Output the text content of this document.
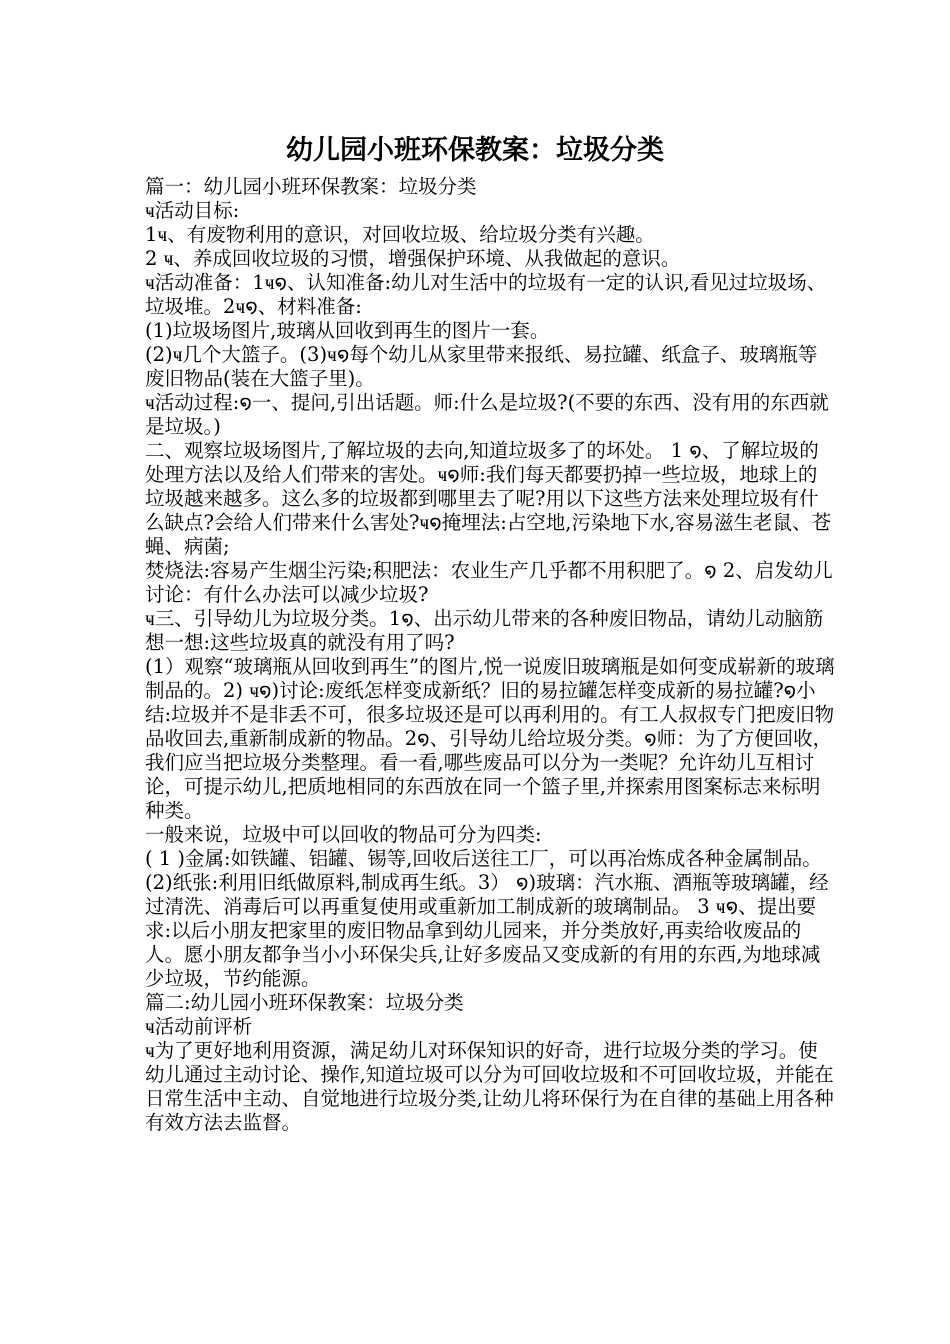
幼儿园小班环保教案：垃圾分类

篇一：幼儿园小班环保教案：垃圾分类

ҹ活动目标:

1ҹ、有废物利用的意识，对回收垃圾、给垃圾分类有兴趣。

2 ҹ、养成回收垃圾的习惯，增强保护环境、从我做起的意识。

ҹ活动准备：1ҹ໑、认知准备:幼儿对生活中的垃圾有一定的认识,看见过垃圾场、垃圾堆。2ҹ໑、材料准备:

(1)垃圾场图片,玻璃从回收到再生的图片一套。

(2)ҹ几个大篮子。(3)ҹ໑每个幼儿从家里带来报纸、易拉罐、纸盒子、玻璃瓶等废旧物品(装在大篮子里)。

ҹ活动过程:໑一、提问,引出话题。师:什么是垃圾?(不要的东西、没有用的东西就是垃圾。)

二、观察垃圾场图片,了解垃圾的去向,知道垃圾多了的坏处。 1 ໑、了解垃圾的处理方法以及给人们带来的害处。ҹ໑师:我们每天都要扔掉一些垃圾，地球上的垃圾越来越多。这么多的垃圾都到哪里去了呢?用以下这些方法来处理垃圾有什么缺点?会给人们带来什么害处?ҹ໑掩埋法:占空地,污染地下水,容易滋生老鼠、苍蝇、病菌;

焚烧法:容易产生烟尘污染;积肥法：农业生产几乎都不用积肥了。໑ 2、启发幼儿讨论：有什么办法可以减少垃圾?

ҹ三、引导幼儿为垃圾分类。1໑、出示幼儿带来的各种废旧物品，请幼儿动脑筋想一想:这些垃圾真的就没有用了吗?

(1）观察“玻璃瓶从回收到再生”的图片,悦一说废旧玻璃瓶是如何变成崭新的玻璃制品的。2) ҹ໑)讨论:废纸怎样变成新纸？旧的易拉罐怎样变成新的易拉罐?໑小结:垃圾并不是非丢不可，很多垃圾还是可以再利用的。有工人叔叔专门把废旧物品收回去,重新制成新的物品。2໑、引导幼儿给垃圾分类。໑师：为了方便回收，我们应当把垃圾分类整理。看一看,哪些废品可以分为一类呢？允许幼儿互相讨论，可提示幼儿,把质地相同的东西放在同一个篮子里,并探索用图案标志来标明种类。

一般来说，垃圾中可以回收的物品可分为四类:

( 1 )金属:如铁罐、铝罐、锡等,回收后送往工厂，可以再冶炼成各种金属制品。

(2)纸张:利用旧纸做原料,制成再生纸。3） ໑)玻璃：汽水瓶、酒瓶等玻璃罐，经过清洗、消毒后可以再重复使用或重新加工制成新的玻璃制品。 3 ҹ໑、提出要求:以后小朋友把家里的废旧物品拿到幼儿园来，并分类放好,再卖给收废品的人。愿小朋友都争当小小环保尖兵,让好多废品又变成新的有用的东西,为地球减少垃圾，节约能源。

篇二:幼儿园小班环保教案：垃圾分类

ҹ活动前评析

ҹ为了更好地利用资源，满足幼儿对环保知识的好奇，进行垃圾分类的学习。使幼儿通过主动讨论、操作,知道垃圾可以分为可回收垃圾和不可回收垃圾，并能在日常生活中主动、自觉地进行垃圾分类,让幼儿将环保行为在自律的基础上用各种有效方法去监督。
